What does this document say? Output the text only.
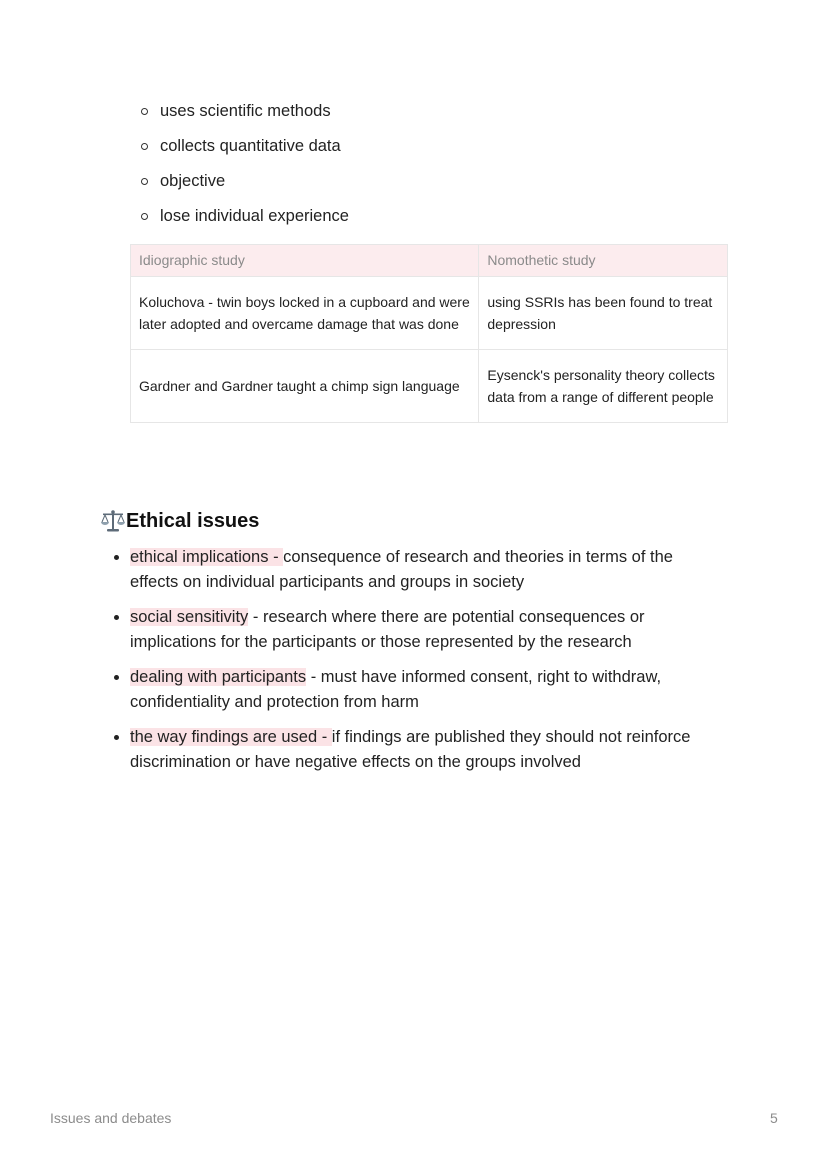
uses scientific methods
collects quantitative data
objective
lose individual experience
Idiographic study	Nomothetic study
Koluchova - twin boys locked in a cupboard and were later adopted and overcame damage that was done	using SSRIs has been found to treat depression
Gardner and Gardner taught a chimp sign language	Eysenck's personality theory collects data from a range of different people
Ethical issues
ethical implications - consequence of research and theories in terms of the effects on individual participants and groups in society
social sensitivity - research where there are potential consequences or implications for the participants or those represented by the research
dealing with participants - must have informed consent, right to withdraw, confidentiality and protection from harm
the way findings are used - if findings are published they should not reinforce discrimination or have negative effects on the groups involved
Issues and debates	5
